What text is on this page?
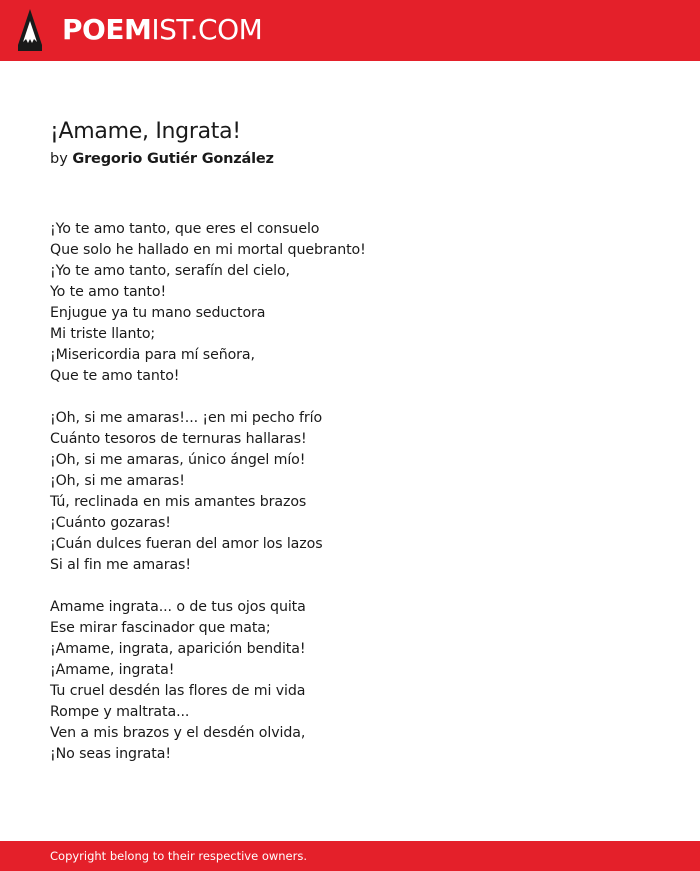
POEMIST.COM
¡Amame, Ingrata!
by Gregorio Gutiér González
¡Yo te amo tanto, que eres el consuelo
Que solo he hallado en mi mortal quebranto!
¡Yo te amo tanto, serafín del cielo,
Yo te amo tanto!
Enjugue ya tu mano seductora
Mi triste llanto;
¡Misericordia para mí señora,
Que te amo tanto!
¡Oh, si me amaras!... ¡en mi pecho frío
Cuánto tesoros de ternuras hallaras!
¡Oh, si me amaras, único ángel mío!
¡Oh, si me amaras!
Tú, reclinada en mis amantes brazos
¡Cuánto gozaras!
¡Cuán dulces fueran del amor los lazos
Si al fin me amaras!
Amame ingrata... o de tus ojos quita
Ese mirar fascinador que mata;
¡Amame, ingrata, aparición bendita!
¡Amame, ingrata!
Tu cruel desdén las flores de mi vida
Rompe y maltrata...
Ven a mis brazos y el desdén olvida,
¡No seas ingrata!
Copyright belong to their respective owners.
